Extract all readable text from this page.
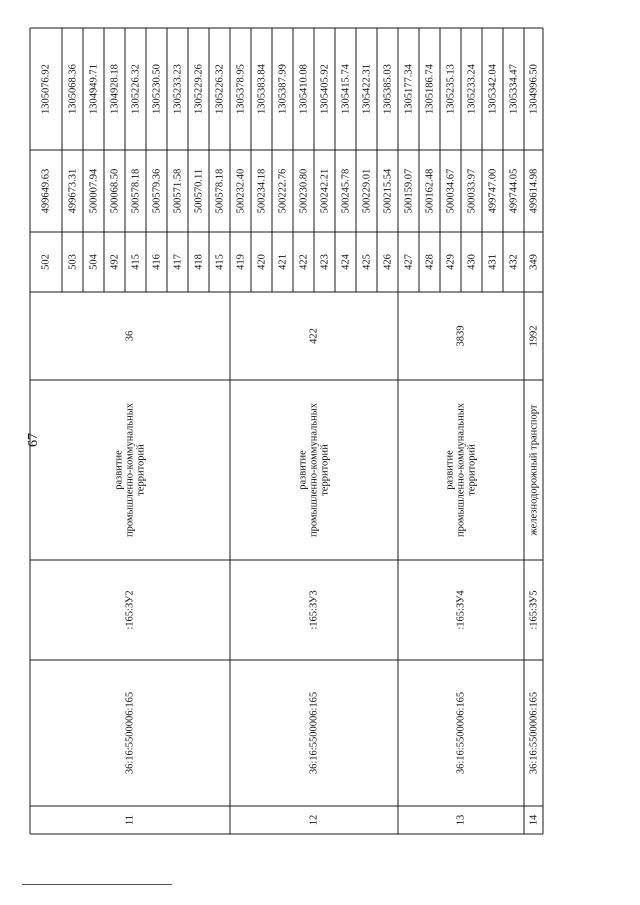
67
502
499649.63
1305076.92
503
499673.31
1305068.36
504
500007.94
1304949.71
492
500068.50
1304928.18
415
500578.18
1305226.32
416
500579.36
1305230.50
417
500571.58
1305233.23
418
500570.11
1305229.26
415
500578.18
1305226.32
36
развитие промышленно-коммунальных территорий
:165:ЗУ2
36:16:5500006:165
11
419
500232.40
1305378.95
420
500234.18
1305383.84
421
500222.76
1305387.99
422
500230.80
1305410.08
423
500242.21
1305405.92
424
500245.78
1305415.74
425
500229.01
1305422.31
426
500215.54
1305385.03
422
развитие промышленно-коммунальных территорий
:165:ЗУ3
36:16:5500006:165
12
427
500159.07
1305177.34
428
500162.48
1305186.74
429
500034.67
1305235.13
430
500033.97
1305233.24
431
499747.00
1305342.04
432
499744.05
1305334.47
3839
развитие промышленно-коммунальных территорий
:165:ЗУ4
36:16:5500006:165
13
349
499614.98
1304996.50
1992
железнодорожный транспорт
:165:ЗУ5
36:16:5500006:165
14
